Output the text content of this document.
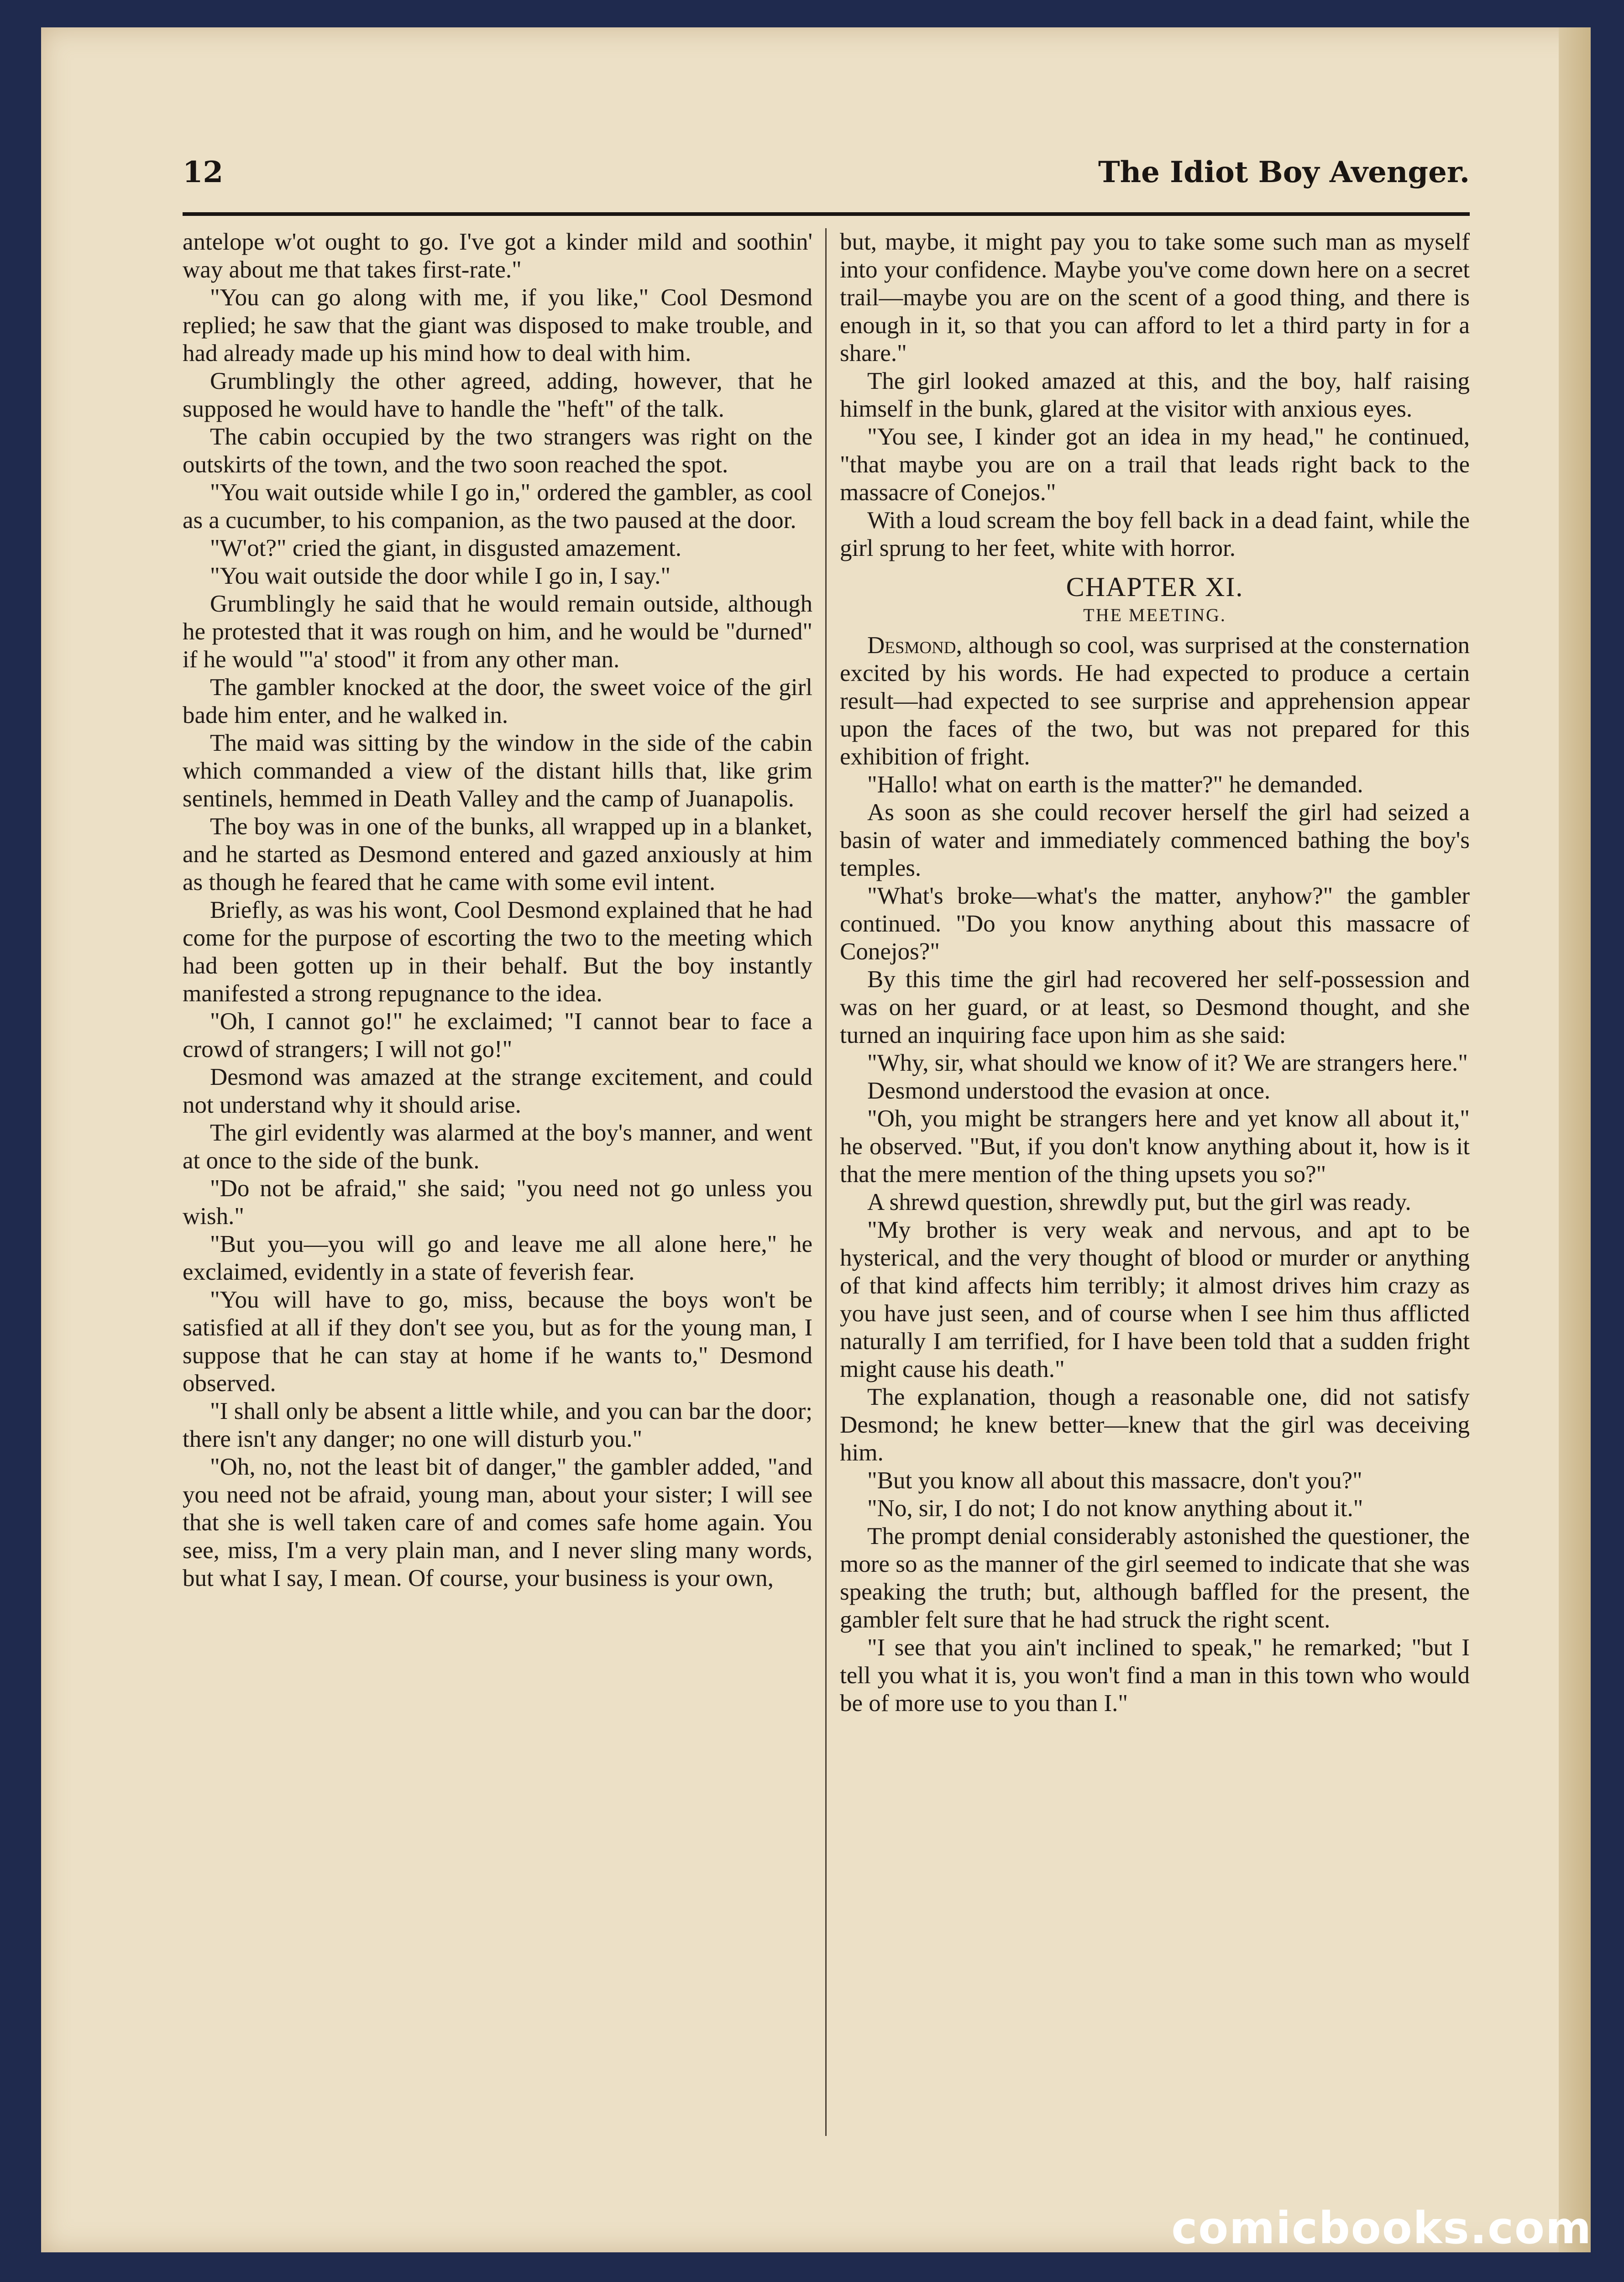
12	The Idiot Boy Avenger.

antelope w'ot ought to go. I've got a kinder mild and soothin' way about me that takes first-rate."

"You can go along with me, if you like," Cool Desmond replied; he saw that the giant was disposed to make trouble, and had already made up his mind how to deal with him.

Grumblingly the other agreed, adding, however, that he supposed he would have to handle the "heft" of the talk.

The cabin occupied by the two strangers was right on the outskirts of the town, and the two soon reached the spot.

"You wait outside while I go in," ordered the gambler, as cool as a cucumber, to his companion, as the two paused at the door.

"W'ot?" cried the giant, in disgusted amazement.

"You wait outside the door while I go in, I say."

Grumblingly he said that he would remain outside, although he protested that it was rough on him, and he would be "durned" if he would "'a' stood" it from any other man.

The gambler knocked at the door, the sweet voice of the girl bade him enter, and he walked in.

The maid was sitting by the window in the side of the cabin which commanded a view of the distant hills that, like grim sentinels, hemmed in Death Valley and the camp of Juanapolis.

The boy was in one of the bunks, all wrapped up in a blanket, and he started as Desmond entered and gazed anxiously at him as though he feared that he came with some evil intent.

Briefly, as was his wont, Cool Desmond explained that he had come for the purpose of escorting the two to the meeting which had been gotten up in their behalf. But the boy instantly manifested a strong repugnance to the idea.

"Oh, I cannot go!" he exclaimed; "I cannot bear to face a crowd of strangers; I will not go!"

Desmond was amazed at the strange excitement, and could not understand why it should arise.

The girl evidently was alarmed at the boy's manner, and went at once to the side of the bunk.

"Do not be afraid," she said; "you need not go unless you wish."

"But you—you will go and leave me all alone here," he exclaimed, evidently in a state of feverish fear.

"You will have to go, miss, because the boys won't be satisfied at all if they don't see you, but as for the young man, I suppose that he can stay at home if he wants to," Desmond observed.

"I shall only be absent a little while, and you can bar the door; there isn't any danger; no one will disturb you."

"Oh, no, not the least bit of danger," the gambler added, "and you need not be afraid, young man, about your sister; I will see that she is well taken care of and comes safe home again. You see, miss, I'm a very plain man, and I never sling many words, but what I say, I mean. Of course, your business is your own,

but, maybe, it might pay you to take some such man as myself into your confidence. Maybe you've come down here on a secret trail—maybe you are on the scent of a good thing, and there is enough in it, so that you can afford to let a third party in for a share."

The girl looked amazed at this, and the boy, half raising himself in the bunk, glared at the visitor with anxious eyes.

"You see, I kinder got an idea in my head," he continued, "that maybe you are on a trail that leads right back to the massacre of Conejos."

With a loud scream the boy fell back in a dead faint, while the girl sprung to her feet, white with horror.

CHAPTER XI.
THE MEETING.

Desmond, although so cool, was surprised at the consternation excited by his words. He had expected to produce a certain result—had expected to see surprise and apprehension appear upon the faces of the two, but was not prepared for this exhibition of fright.

"Hallo! what on earth is the matter?" he demanded.

As soon as she could recover herself the girl had seized a basin of water and immediately commenced bathing the boy's temples.

"What's broke—what's the matter, anyhow?" the gambler continued. "Do you know anything about this massacre of Conejos?"

By this time the girl had recovered her self-possession and was on her guard, or at least, so Desmond thought, and she turned an inquiring face upon him as she said:

"Why, sir, what should we know of it? We are strangers here."

Desmond understood the evasion at once.

"Oh, you might be strangers here and yet know all about it," he observed. "But, if you don't know anything about it, how is it that the mere mention of the thing upsets you so?"

A shrewd question, shrewdly put, but the girl was ready.

"My brother is very weak and nervous, and apt to be hysterical, and the very thought of blood or murder or anything of that kind affects him terribly; it almost drives him crazy as you have just seen, and of course when I see him thus afflicted naturally I am terrified, for I have been told that a sudden fright might cause his death."

The explanation, though a reasonable one, did not satisfy Desmond; he knew better—knew that the girl was deceiving him.

"But you know all about this massacre, don't you?"

"No, sir, I do not; I do not know anything about it."

The prompt denial considerably astonished the questioner, the more so as the manner of the girl seemed to indicate that she was speaking the truth; but, although baffled for the present, the gambler felt sure that he had struck the right scent.

"I see that you ain't inclined to speak," he remarked; "but I tell you what it is, you won't find a man in this town who would be of more use to you than I."

comicbooks.com
